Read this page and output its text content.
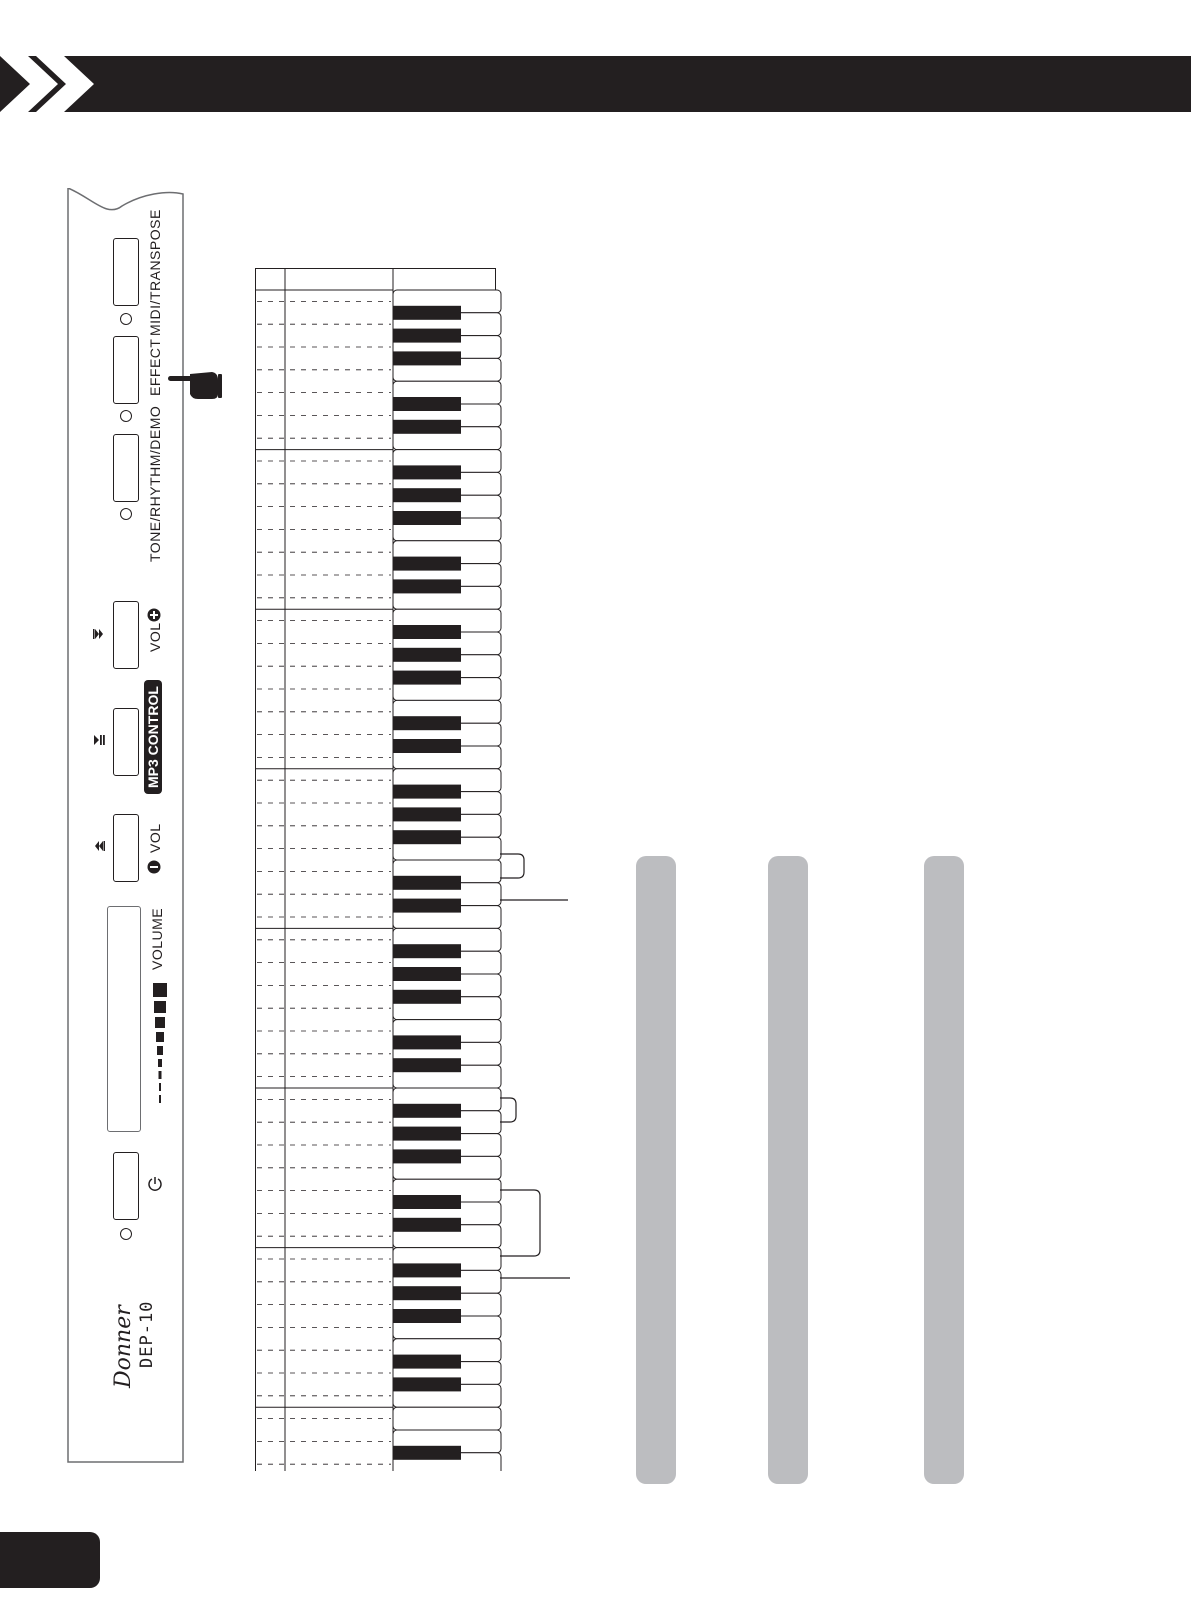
MIDI/TRANSPOSE
EFFECT
TONE/RHYTHM/DEMO
VOL
MP3 CONTROL
VOL
VOLUME
Donner DEP-10
